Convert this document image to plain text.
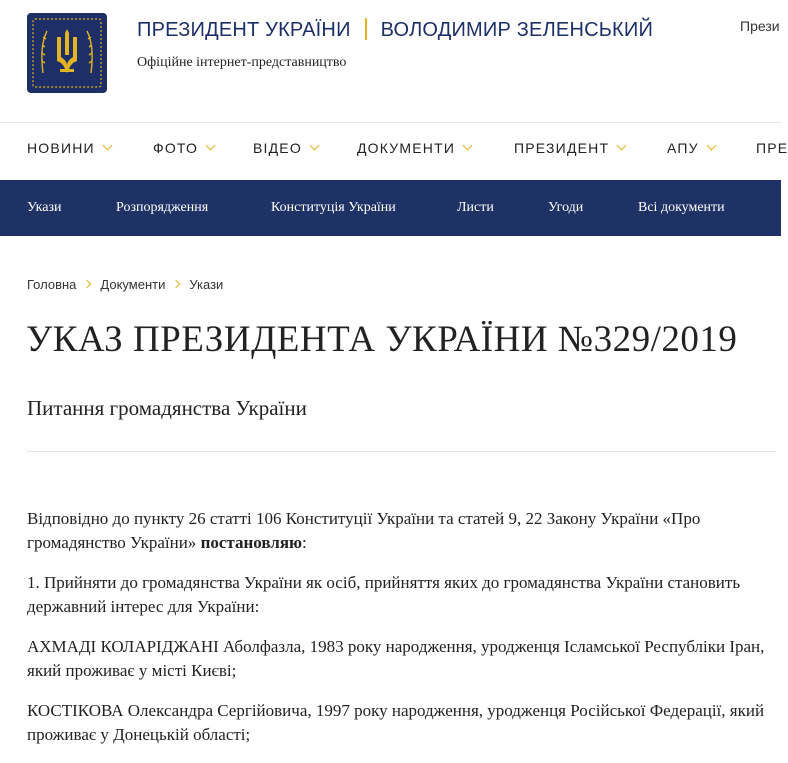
ПРЕЗИДЕНТ УКРАЇНИ ВОЛОДИМИР ЗЕЛЕНСЬКИЙ
Офіційне інтернет-представництво
Прези
НОВИНИ	ФОТО	ВІДЕО	ДОКУМЕНТИ	ПРЕЗИДЕНТ	АПУ	ПРЕ
Укази	Розпорядження	Конституція України	Листи	Угоди	Всі документи
Головна Документи Укази
УКАЗ ПРЕЗИДЕНТА УКРАЇНИ №329/2019
Питання громадянства України

Відповідно до пункту 26 статті 106 Конституції України та статей 9, 22 Закону України «Про громадянство України» постановляю:

1. Прийняти до громадянства України як осіб, прийняття яких до громадянства України становить державний інтерес для України:

АХМАДІ КОЛАРІДЖАНІ Аболфазла, 1983 року народження, уродженця Ісламської Республіки Іран, який проживає у місті Києві;

КОСТІКОВА Олександра Сергійовича, 1997 року народження, уродженця Російської Федерації, який проживає у Донецькій області;
